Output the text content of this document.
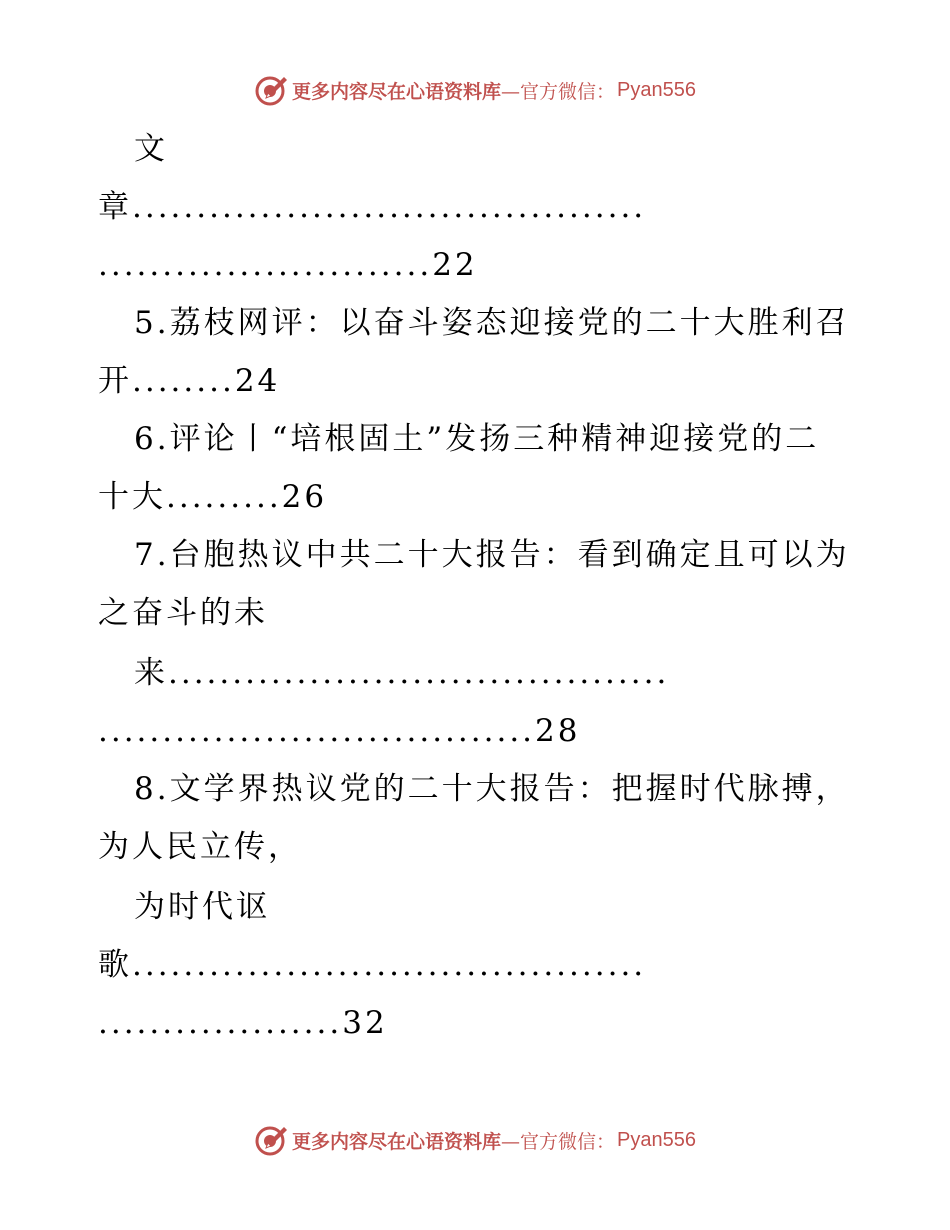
更多内容尽在心语资料库 —官方微信： Pyan556
文
章........................................
..........................22
5.荔枝网评：以奋斗姿态迎接党的二十大胜利召
开........24
6.评论丨“培根固土”发扬三种精神迎接党的二
十大.........26
7.台胞热议中共二十大报告：看到确定且可以为
之奋斗的未
来.......................................
..................................28
8.文学界热议党的二十大报告：把握时代脉搏，
为人民立传，
为时代讴
歌........................................
...................32
更多内容尽在心语资料库 —官方微信： Pyan556
